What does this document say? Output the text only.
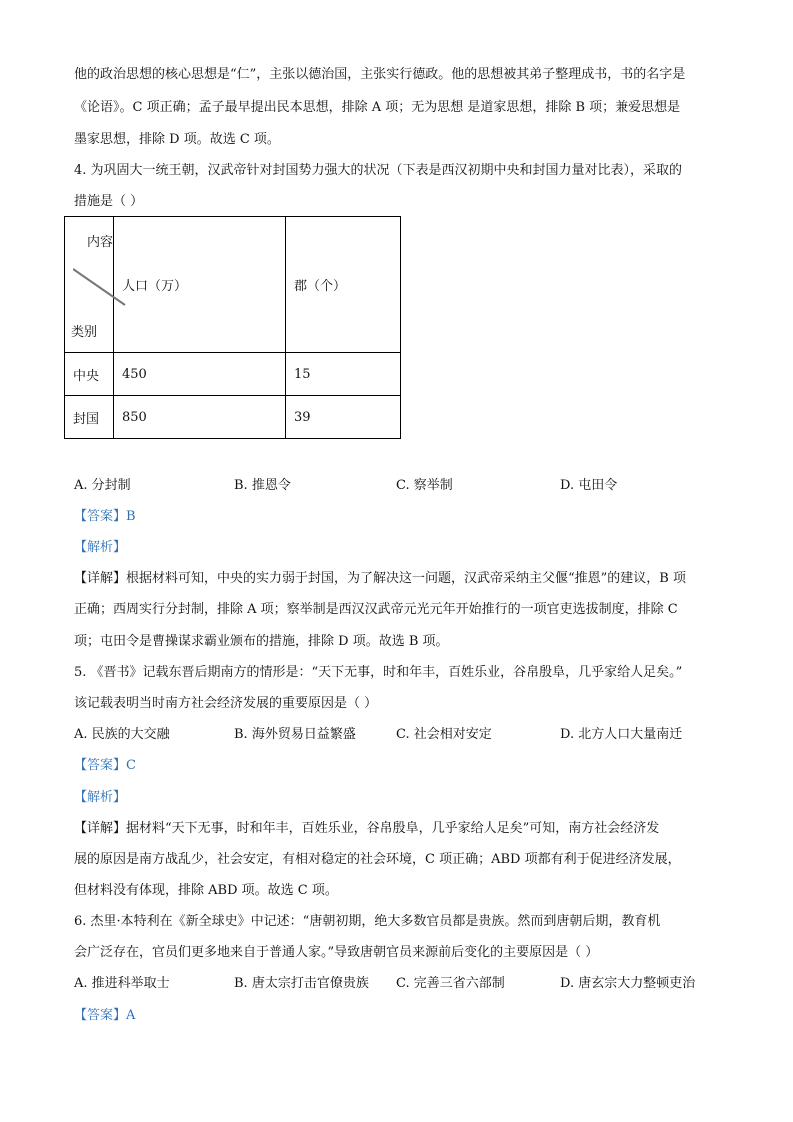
他的政治思想的核心思想是“仁”，主张以德治国，主张实行德政。他的思想被其弟子整理成书，书的名字是
《论语》。C 项正确；孟子最早提出民本思想，排除 A 项；无为思想 是道家思想，排除 B 项；兼爱思想是
墨家思想，排除 D 项。故选 C 项。
4. 为巩固大一统王朝，汉武帝针对封国势力强大的状况（下表是西汉初期中央和封国力量对比表），采取的
措施是（ ）
内容
类别	人口（万）	郡（个）
中央	450	15
封国	850	39
A. 分封制	B. 推恩令	C. 察举制	D. 屯田令
【答案】B
【解析】
【详解】根据材料可知，中央的实力弱于封国，为了解决这一问题，汉武帝采纳主父偃“推恩”的建议，B 项
正确；西周实行分封制，排除 A 项；察举制是西汉汉武帝元光元年开始推行的一项官吏选拔制度，排除 C
项；屯田令是曹操谋求霸业颁布的措施，排除 D 项。故选 B 项。
5. 《晋书》记载东晋后期南方的情形是：“天下无事，时和年丰，百姓乐业，谷帛殷阜，几乎家给人足矣。”
该记载表明当时南方社会经济发展的重要原因是（ ）
A. 民族的大交融	B. 海外贸易日益繁盛	C. 社会相对安定	D. 北方人口大量南迁
【答案】C
【解析】
【详解】据材料“天下无事，时和年丰，百姓乐业，谷帛殷阜，几乎家给人足矣”可知，南方社会经济发
展的原因是南方战乱少，社会安定，有相对稳定的社会环境，C 项正确；ABD 项都有利于促进经济发展，
但材料没有体现，排除 ABD 项。故选 C 项。
6. 杰里·本特利在《新全球史》中记述：“唐朝初期，绝大多数官员都是贵族。然而到唐朝后期，教育机
会广泛存在，官员们更多地来自于普通人家。”导致唐朝官员来源前后变化的主要原因是（ ）
A. 推进科举取士	B. 唐太宗打击官僚贵族 C. 完善三省六部制	D. 唐玄宗大力整顿吏治
【答案】A
